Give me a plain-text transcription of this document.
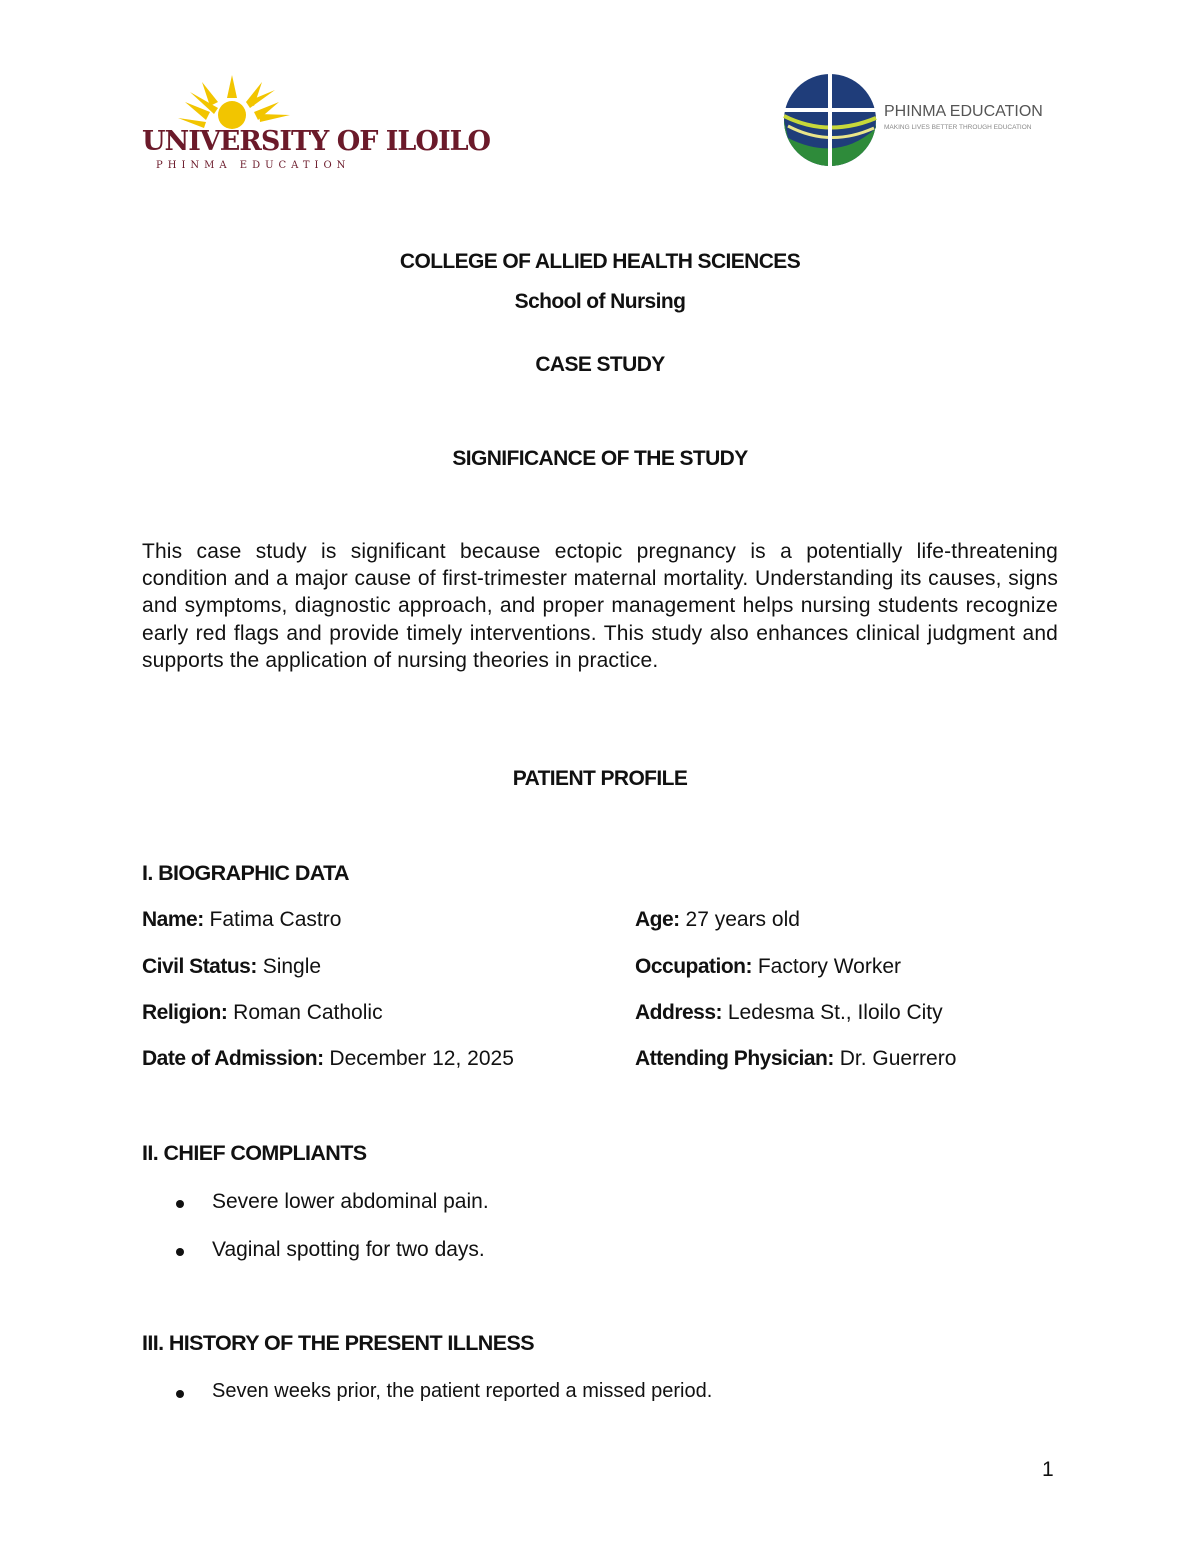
UNIVERSITY OF ILOILO
PHINMA EDUCATION
PHINMA EDUCATION
MAKING LIVES BETTER THROUGH EDUCATION
COLLEGE OF ALLIED HEALTH SCIENCES
School of Nursing
CASE STUDY
SIGNIFICANCE OF THE STUDY
This case study is significant because ectopic pregnancy is a potentially life-threatening condition and a major cause of first-trimester maternal mortality. Understanding its causes, signs and symptoms, diagnostic approach, and proper management helps nursing students recognize early red flags and provide timely interventions. This study also enhances clinical judgment and supports the application of nursing theories in practice.
PATIENT PROFILE
I. BIOGRAPHIC DATA
Name: Fatima Castro	Age: 27 years old
Civil Status: Single	Occupation: Factory Worker
Religion: Roman Catholic	Address: Ledesma St., Iloilo City
Date of Admission: December 12, 2025	Attending Physician: Dr. Guerrero
II. CHIEF COMPLIANTS
Severe lower abdominal pain.
Vaginal spotting for two days.
III. HISTORY OF THE PRESENT ILLNESS
Seven weeks prior, the patient reported a missed period.
1
